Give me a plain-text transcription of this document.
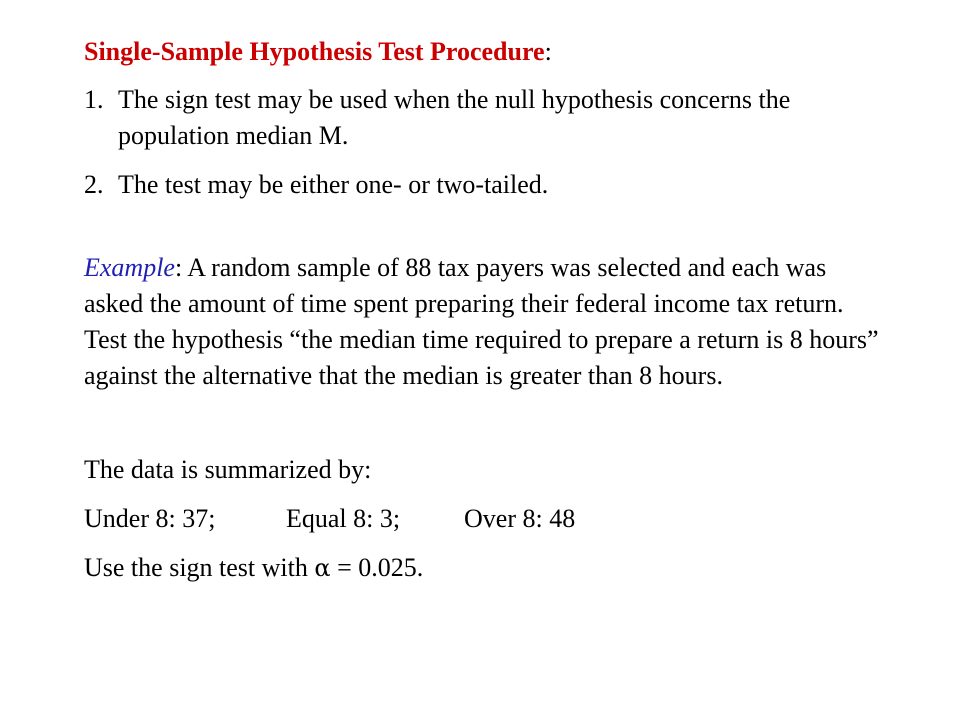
Single-Sample Hypothesis Test Procedure:

1. The sign test may be used when the null hypothesis concerns the population median M.
2. The test may be either one- or two-tailed.

Example: A random sample of 88 tax payers was selected and each was asked the amount of time spent preparing their federal income tax return. Test the hypothesis “the median time required to prepare a return is 8 hours” against the alternative that the median is greater than 8 hours.

The data is summarized by:

Under 8: 37;	Equal 8: 3; Over 8: 48

Use the sign test with α = 0.025.
